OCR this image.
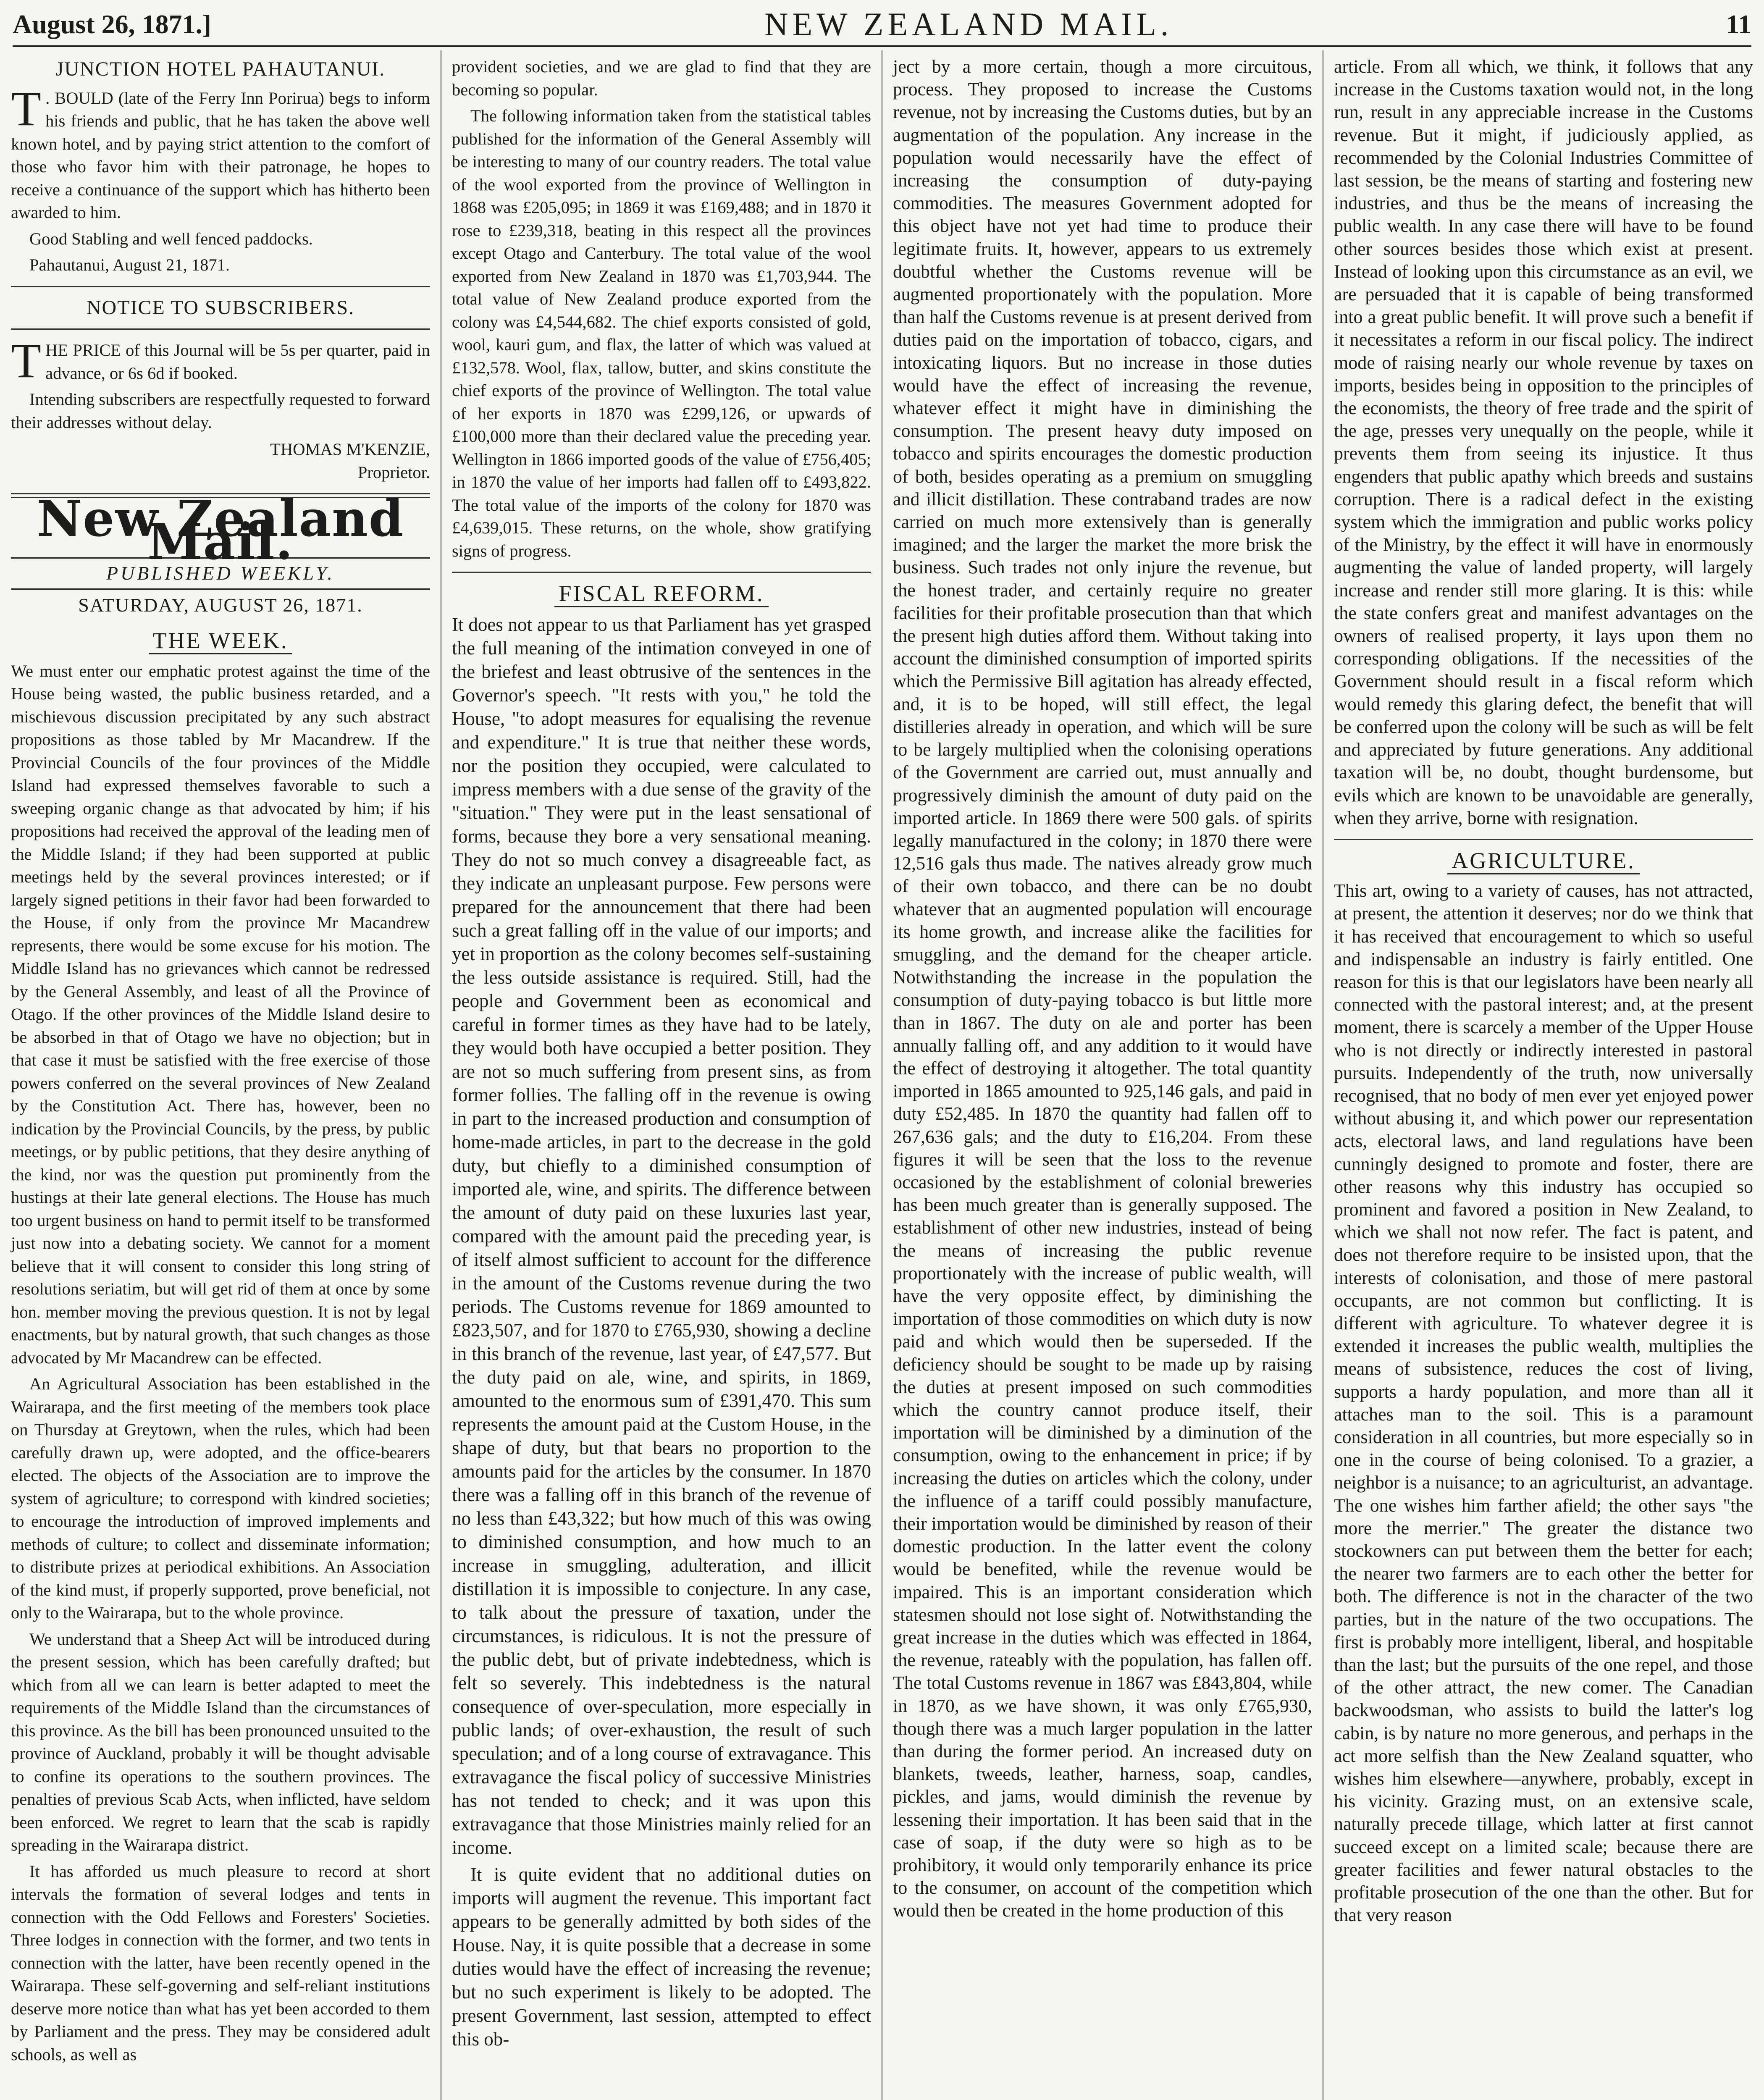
August 26, 1871.]	NEW ZEALAND MAIL.	11
JUNCTION HOTEL PAHAUTANUI.

T . BOULD (late of the Ferry Inn Porirua) begs to inform his friends and public, that he has taken the above well known hotel, and by paying strict attention to the comfort of those who favor him with their patronage, he hopes to receive a continuance of the support which has hitherto been awarded to him.

Good Stabling and well fenced paddocks.

Pahautanui, August 21, 1871.

NOTICE TO SUBSCRIBERS.

THE PRICE of this Journal will be 5s per quarter, paid in advance, or 6s 6d if booked.

Intending subscribers are respectfully requested to forward their addresses without delay.

THOMAS M'KENZIE,
Proprietor.
New Zealand Mail.
PUBLISHED WEEKLY.
SATURDAY, AUGUST 26, 1871.
THE WEEK.

We must enter our emphatic protest against the time of the House being wasted, the public business retarded, and a mischievous discussion precipitated by any such abstract propositions as those tabled by Mr Macandrew. If the Provincial Councils of the four provinces of the Middle Island had expressed themselves favorable to such a sweeping organic change as that advocated by him; if his propositions had received the approval of the leading men of the Middle Island; if they had been supported at public meetings held by the several provinces interested; or if largely signed petitions in their favor had been forwarded to the House, if only from the province Mr Macandrew represents, there would be some excuse for his motion. The Middle Island has no grievances which cannot be redressed by the General Assembly, and least of all the Province of Otago. If the other provinces of the Middle Island desire to be absorbed in that of Otago we have no objection; but in that case it must be satisfied with the free exercise of those powers conferred on the several provinces of New Zealand by the Constitution Act. There has, however, been no indication by the Provincial Councils, by the press, by public meetings, or by public petitions, that they desire anything of the kind, nor was the question put prominently from the hustings at their late general elections. The House has much too urgent business on hand to permit itself to be transformed just now into a debating society. We cannot for a moment believe that it will consent to consider this long string of resolutions seriatim, but will get rid of them at once by some hon. member moving the previous question. It is not by legal enactments, but by natural growth, that such changes as those advocated by Mr Macandrew can be effected.

An Agricultural Association has been established in the Wairarapa, and the first meeting of the members took place on Thursday at Greytown, when the rules, which had been carefully drawn up, were adopted, and the office-bearers elected. The objects of the Association are to improve the system of agriculture; to correspond with kindred societies; to encourage the introduction of improved implements and methods of culture; to collect and disseminate information; to distribute prizes at periodical exhibitions. An Association of the kind must, if properly supported, prove beneficial, not only to the Wairarapa, but to the whole province.

We understand that a Sheep Act will be introduced during the present session, which has been carefully drafted; but which from all we can learn is better adapted to meet the requirements of the Middle Island than the circumstances of this province. As the bill has been pronounced unsuited to the province of Auckland, probably it will be thought advisable to confine its operations to the southern provinces. The penalties of previous Scab Acts, when inflicted, have seldom been enforced. We regret to learn that the scab is rapidly spreading in the Wairarapa district.

It has afforded us much pleasure to record at short intervals the formation of several lodges and tents in connection with the Odd Fellows and Foresters' Societies. Three lodges in connection with the former, and two tents in connection with the latter, have been recently opened in the Wairarapa. These self-governing and self-reliant institutions deserve more notice than what has yet been accorded to them by Parliament and the press. They may be considered adult schools, as well as

provident societies, and we are glad to find that they are becoming so popular.

The following information taken from the statistical tables published for the information of the General Assembly will be interesting to many of our country readers. The total value of the wool exported from the province of Wellington in 1868 was £205,095; in 1869 it was £169,488; and in 1870 it rose to £239,318, beating in this respect all the provinces except Otago and Canterbury. The total value of the wool exported from New Zealand in 1870 was £1,703,944. The total value of New Zealand produce exported from the colony was £4,544,682. The chief exports consisted of gold, wool, kauri gum, and flax, the latter of which was valued at £132,578. Wool, flax, tallow, butter, and skins constitute the chief exports of the province of Wellington. The total value of her exports in 1870 was £299,126, or upwards of £100,000 more than their declared value the preceding year. Wellington in 1866 imported goods of the value of £756,405; in 1870 the value of her imports had fallen off to £493,822. The total value of the imports of the colony for 1870 was £4,639,015. These returns, on the whole, show gratifying signs of progress.

FISCAL REFORM.

It does not appear to us that Parliament has yet grasped the full meaning of the intimation conveyed in one of the briefest and least obtrusive of the sentences in the Governor's speech. "It rests with you," he told the House, "to adopt measures for equalising the revenue and expenditure." It is true that neither these words, nor the position they occupied, were calculated to impress members with a due sense of the gravity of the "situation." They were put in the least sensational of forms, because they bore a very sensational meaning. They do not so much convey a disagreeable fact, as they indicate an unpleasant purpose. Few persons were prepared for the announcement that there had been such a great falling off in the value of our imports; and yet in proportion as the colony becomes self-sustaining the less outside assistance is required. Still, had the people and Government been as economical and careful in former times as they have had to be lately, they would both have occupied a better position. They are not so much suffering from present sins, as from former follies. The falling off in the revenue is owing in part to the increased production and consumption of home-made articles, in part to the decrease in the gold duty, but chiefly to a diminished consumption of imported ale, wine, and spirits. The difference between the amount of duty paid on these luxuries last year, compared with the amount paid the preceding year, is of itself almost sufficient to account for the difference in the amount of the Customs revenue during the two periods. The Customs revenue for 1869 amounted to £823,507, and for 1870 to £765,930, showing a decline in this branch of the revenue, last year, of £47,577. But the duty paid on ale, wine, and spirits, in 1869, amounted to the enormous sum of £391,470. This sum represents the amount paid at the Custom House, in the shape of duty, but that bears no proportion to the amounts paid for the articles by the consumer. In 1870 there was a falling off in this branch of the revenue of no less than £43,322; but how much of this was owing to diminished consumption, and how much to an increase in smuggling, adulteration, and illicit distillation it is impossible to conjecture. In any case, to talk about the pressure of taxation, under the circumstances, is ridiculous. It is not the pressure of the public debt, but of private indebtedness, which is felt so severely. This indebtedness is the natural consequence of over-speculation, more especially in public lands; of over-exhaustion, the result of such speculation; and of a long course of extravagance. This extravagance the fiscal policy of successive Ministries has not tended to check; and it was upon this extravagance that those Ministries mainly relied for an income.

It is quite evident that no additional duties on imports will augment the revenue. This important fact appears to be generally admitted by both sides of the House. Nay, it is quite possible that a decrease in some duties would have the effect of increasing the revenue; but no such experiment is likely to be adopted. The present Government, last session, attempted to effect this ob-

ject by a more certain, though a more circuitous, process. They proposed to increase the Customs revenue, not by increasing the Customs duties, but by an augmentation of the population. Any increase in the population would necessarily have the effect of increasing the consumption of duty-paying commodities. The measures Government adopted for this object have not yet had time to produce their legitimate fruits. It, however, appears to us extremely doubtful whether the Customs revenue will be augmented proportionately with the population. More than half the Customs revenue is at present derived from duties paid on the importation of tobacco, cigars, and intoxicating liquors. But no increase in those duties would have the effect of increasing the revenue, whatever effect it might have in diminishing the consumption. The present heavy duty imposed on tobacco and spirits encourages the domestic production of both, besides operating as a premium on smuggling and illicit distillation. These contraband trades are now carried on much more extensively than is generally imagined; and the larger the market the more brisk the business. Such trades not only injure the revenue, but the honest trader, and certainly require no greater facilities for their profitable prosecution than that which the present high duties afford them. Without taking into account the diminished consumption of imported spirits which the Permissive Bill agitation has already effected, and, it is to be hoped, will still effect, the legal distilleries already in operation, and which will be sure to be largely multiplied when the colonising operations of the Government are carried out, must annually and progressively diminish the amount of duty paid on the imported article. In 1869 there were 500 gals. of spirits legally manufactured in the colony; in 1870 there were 12,516 gals thus made. The natives already grow much of their own tobacco, and there can be no doubt whatever that an augmented population will encourage its home growth, and increase alike the facilities for smuggling, and the demand for the cheaper article. Notwithstanding the increase in the population the consumption of duty-paying tobacco is but little more than in 1867. The duty on ale and porter has been annually falling off, and any addition to it would have the effect of destroying it altogether. The total quantity imported in 1865 amounted to 925,146 gals, and paid in duty £52,485. In 1870 the quantity had fallen off to 267,636 gals; and the duty to £16,204. From these figures it will be seen that the loss to the revenue occasioned by the establishment of colonial breweries has been much greater than is generally supposed. The establishment of other new industries, instead of being the means of increasing the public revenue proportionately with the increase of public wealth, will have the very opposite effect, by diminishing the importation of those commodities on which duty is now paid and which would then be superseded. If the deficiency should be sought to be made up by raising the duties at present imposed on such commodities which the country cannot produce itself, their importation will be diminished by a diminution of the consumption, owing to the enhancement in price; if by increasing the duties on articles which the colony, under the influence of a tariff could possibly manufacture, their importation would be diminished by reason of their domestic production. In the latter event the colony would be benefited, while the revenue would be impaired. This is an important consideration which statesmen should not lose sight of. Notwithstanding the great increase in the duties which was effected in 1864, the revenue, rateably with the population, has fallen off. The total Customs revenue in 1867 was £843,804, while in 1870, as we have shown, it was only £765,930, though there was a much larger population in the latter than during the former period. An increased duty on blankets, tweeds, leather, harness, soap, candles, pickles, and jams, would diminish the revenue by lessening their importation. It has been said that in the case of soap, if the duty were so high as to be prohibitory, it would only temporarily enhance its price to the consumer, on account of the competition which would then be created in the home production of this

article. From all which, we think, it follows that any increase in the Customs taxation would not, in the long run, result in any appreciable increase in the Customs revenue. But it might, if judiciously applied, as recommended by the Colonial Industries Committee of last session, be the means of starting and fostering new industries, and thus be the means of increasing the public wealth. In any case there will have to be found other sources besides those which exist at present. Instead of looking upon this circumstance as an evil, we are persuaded that it is capable of being transformed into a great public benefit. It will prove such a benefit if it necessitates a reform in our fiscal policy. The indirect mode of raising nearly our whole revenue by taxes on imports, besides being in opposition to the principles of the economists, the theory of free trade and the spirit of the age, presses very unequally on the people, while it prevents them from seeing its injustice. It thus engenders that public apathy which breeds and sustains corruption. There is a radical defect in the existing system which the immigration and public works policy of the Ministry, by the effect it will have in enormously augmenting the value of landed property, will largely increase and render still more glaring. It is this: while the state confers great and manifest advantages on the owners of realised property, it lays upon them no corresponding obligations. If the necessities of the Government should result in a fiscal reform which would remedy this glaring defect, the benefit that will be conferred upon the colony will be such as will be felt and appreciated by future generations. Any additional taxation will be, no doubt, thought burdensome, but evils which are known to be unavoidable are generally, when they arrive, borne with resignation.

AGRICULTURE.

This art, owing to a variety of causes, has not attracted, at present, the attention it deserves; nor do we think that it has received that encouragement to which so useful and indispensable an industry is fairly entitled. One reason for this is that our legislators have been nearly all connected with the pastoral interest; and, at the present moment, there is scarcely a member of the Upper House who is not directly or indirectly interested in pastoral pursuits. Independently of the truth, now universally recognised, that no body of men ever yet enjoyed power without abusing it, and which power our representation acts, electoral laws, and land regulations have been cunningly designed to promote and foster, there are other reasons why this industry has occupied so prominent and favored a position in New Zealand, to which we shall not now refer. The fact is patent, and does not therefore require to be insisted upon, that the interests of colonisation, and those of mere pastoral occupants, are not common but conflicting. It is different with agriculture. To whatever degree it is extended it increases the public wealth, multiplies the means of subsistence, reduces the cost of living, supports a hardy population, and more than all it attaches man to the soil. This is a paramount consideration in all countries, but more especially so in one in the course of being colonised. To a grazier, a neighbor is a nuisance; to an agriculturist, an advantage. The one wishes him farther afield; the other says "the more the merrier." The greater the distance two stockowners can put between them the better for each; the nearer two farmers are to each other the better for both. The difference is not in the character of the two parties, but in the nature of the two occupations. The first is probably more intelligent, liberal, and hospitable than the last; but the pursuits of the one repel, and those of the other attract, the new comer. The Canadian backwoodsman, who assists to build the latter's log cabin, is by nature no more generous, and perhaps in the act more selfish than the New Zealand squatter, who wishes him elsewhere—anywhere, probably, except in his vicinity. Grazing must, on an extensive scale, naturally precede tillage, which latter at first cannot succeed except on a limited scale; because there are greater facilities and fewer natural obstacles to the profitable prosecution of the one than the other. But for that very reason
